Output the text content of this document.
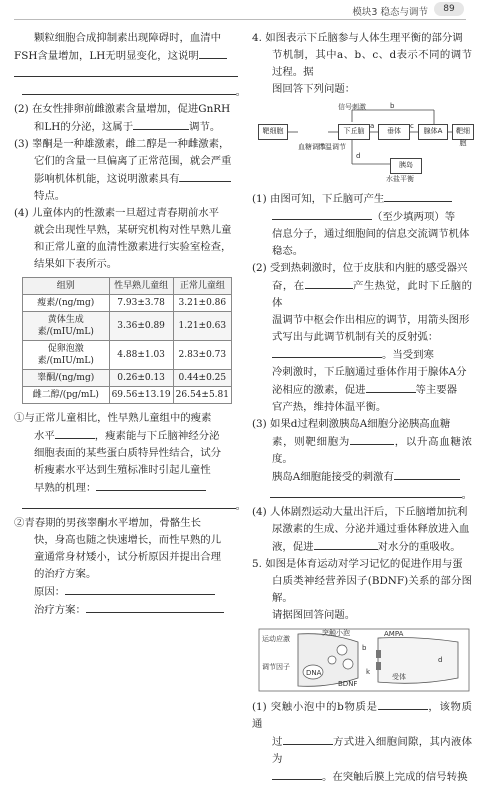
模块3 稳态与调节	89

颗粒细胞合成抑制素出现障碍时，血清中

FSH含量增加，LH无明显变化，这说明

。

(2) 在女性排卵前雌激素含量增加，促进GnRH

和LH的分泌，这属于	调节。

(3) 睾酮是一种雄激素，雌二醇是一种雌激素，

它们的含量一旦偏离了正常范围，就会严重

影响机体机能，这说明激素具有

特点。

(4) 儿童体内的性激素一旦超过青春期前水平

就会出现性早熟，某研究机构对性早熟儿童

和正常儿童的血清性激素进行实验室检查，

结果如下表所示。

组别	性早熟儿童组	正常儿童组
瘦素/(ng/mg)	7.93±3.78	3.21±0.86
黄体生成素/(mIU/mL)	3.36±0.89	1.21±0.63
促卵泡激素/(mIU/mL)	4.88±1.03	2.83±0.73
睾酮/(ng/mg)	0.26±0.13	0.44±0.25
雌二醇/(pg/mL)	69.56±13.19	26.54±5.81

①与正常儿童相比，性早熟儿童组中的瘦素

水平	，瘦素能与下丘脑神经分泌

细胞表面的某些蛋白质特异性结合，试分

析瘦素水平达到生殖标准时引起儿童性

早熟的机理：

。

②青春期的男孩睾酮水平增加，骨骼生长

快，身高也随之快速增长，而性早熟的儿

童通常身材矮小，试分析原因并提出合理

的治疗方案。

原因：

治疗方案：

4. 如图表示下丘脑参与人体生理平衡的部分调

节机制，其中a、b、c、d表示不同的调节过程。据

图回答下列问题：

靶细胞
血糖调节
下丘脑
信号刺激
垂体	腺体A	靶细胞
体温调节
胰岛
水盐平衡
b
a	c
d

(1) 由图可知，下丘脑可产生

（至少填两项）等

信息分子，通过细胞间的信息交流调节机体

稳态。

(2) 受到热刺激时，位于皮肤和内脏的感受器兴

奋，在	产生热觉，此时下丘脑的体

温调节中枢会作出相应的调节，用箭头图形

式写出与此调节机制有关的反射弧：

。当受到寒

冷刺激时，下丘脑通过垂体作用于腺体A分

泌相应的激素，促进	等主要器

官产热，维持体温平衡。

(3) 如果d过程刺激胰岛A细胞分泌胰高血糖

素，则靶细胞为	，以升高血糖浓度。

胰岛A细胞能接受的刺激有

。

(4) 人体剧烈运动大量出汗后，下丘脑增加抗利

尿激素的生成、分泌并通过垂体释放进入血

液，促进	对水分的重吸收。

5. 如图是体育运动对学习记忆的促进作用与蛋

白质类神经营养因子(BDNF)关系的部分图解。

请据图回答问题。

运动应激
调节因子
DNA
突触小泡
BDNF
AMPA
b
k
d
受体

(1) 突触小泡中的b物质是	，该物质通

过	方式进入细胞间隙，其内液体为

。在突触后膜上完成的信号转换
